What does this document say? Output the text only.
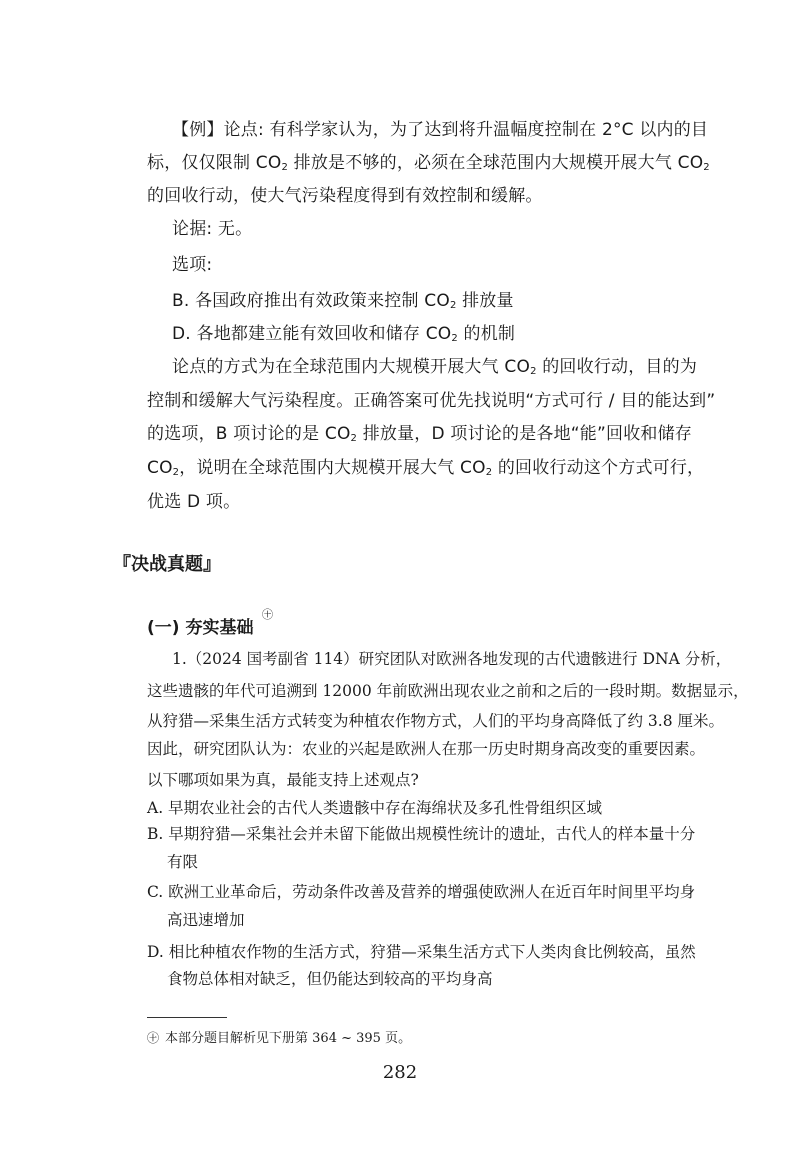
【例】论点: 有科学家认为，为了达到将升温幅度控制在 2°C 以内的目
标，仅仅限制 $CO_2$ 排放是不够的，必须在全球范围内大规模开展大气 $CO_2$
的回收行动，使大气污染程度得到有效控制和缓解。
论据: 无。
选项:
B. 各国政府推出有效政策来控制 $CO_2$ 排放量
D. 各地都建立能有效回收和储存 $CO_2$ 的机制
论点的方式为在全球范围内大规模开展大气 $CO_2$ 的回收行动，目的为
控制和缓解大气污染程度。正确答案可优先找说明“方式可行 / 目的能达到”
的选项，B 项讨论的是 $CO_2$ 排放量，D 项讨论的是各地“能”回收和储存
$CO_2$，说明在全球范围内大规模开展大气 $CO_2$ 的回收行动这个方式可行，
优选 D 项。
『决战真题』
(一) 夯实基础
㊉
1.（2024 国考副省 114）研究团队对欧洲各地发现的古代遗骸进行 DNA 分析，
这些遗骸的年代可追溯到 12000 年前欧洲出现农业之前和之后的一段时期。数据显示，
从狩猎—采集生活方式转变为种植农作物方式，人们的平均身高降低了约 3.8 厘米。
因此，研究团队认为：农业的兴起是欧洲人在那一历史时期身高改变的重要因素。
以下哪项如果为真，最能支持上述观点?
A. 早期农业社会的古代人类遗骸中存在海绵状及多孔性骨组织区域
B. 早期狩猎—采集社会并未留下能做出规模性统计的遗址，古代人的样本量十分
有限
C. 欧洲工业革命后，劳动条件改善及营养的增强使欧洲人在近百年时间里平均身
高迅速增加
D. 相比种植农作物的生活方式，狩猎—采集生活方式下人类肉食比例较高，虽然
食物总体相对缺乏，但仍能达到较高的平均身高
㊉ 本部分题目解析见下册第 364 ~ 395 页。
282
